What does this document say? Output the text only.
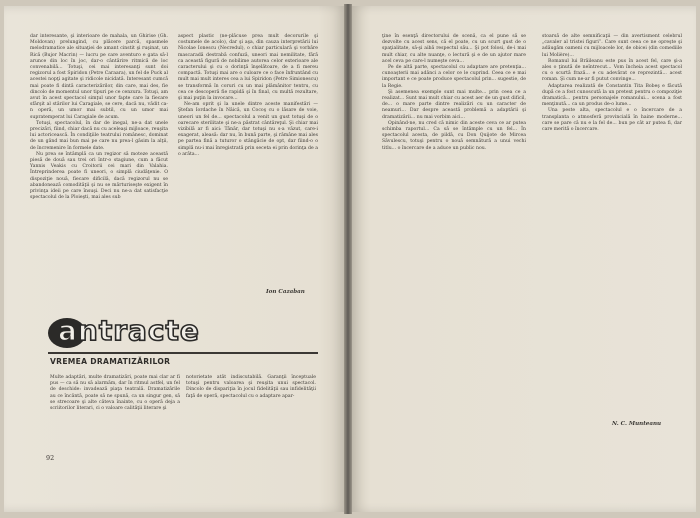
dar interesante, şi interioare de mahala, un Ghirise (Gh. Moldovan) prelungind, cu plăcere parcă, spasmele melodramatice ale situaţiei de amant cinstit şi ruşinat, un Rică (Bujor Macrin) — lucru pe care aventuro e gata să-l arunce din loc în joc, dar-o cântărire ritmică de loc convenabilă... Totuşi, cei mai interesanţi sunt doi regizorul a fost Spiridon (Petre Caraara), un fel de Puck al acestei nopţi agitate şi ridicole nicidată. Interesant cumcă mai poate fi dintâ caracterizărilor, din care, mai des, fie dincolo de momentul unor tipuri pe ce cenzura. Totuşi, am avut în acest spectacol simţul unor fapte care la fiecare sfârşit al stărilor lui Caragiale, se cere, dacă nu, vădit ca-n operă, un umor mai subtil, cu un umor mai supratemperat lui Caragiale de acum.

Totuşi, spectacolul, în dar de inegal, ne-a dat unele precizări, fiind, chiar dacă nu cu aceleaşi mijloace, reuşita lui actoricească. În condiţiile teatrului românesc, dominat de un gând mai bun mai pe care nu prea-l găsim la alţii, de încremenire în formele date.

Nu prea se întâmplă ca un regizor să moteze această piesă de două sau trei ori într-o stagiune, cum a făcut Yannis Veakis cu Croitorii cei mari din Valahia. Întreprinderea poate fi uneori, o simplă ciudăţenie. O dispoziţie nouă, fiecare dificilă, dacă regizorul nu se abandonează comodităţii şi nu se mărturiseşte exigent în privinţa ideii pe care însuşi. Deci nu ne-a dat satisfacţie spectacolul de la Ploieşti, mai ales sub

aspect plastic (ne-plăcuse prea mult decorurile şi costumele de acolo), dar şi aşa, din cauza interpretării lui Nicolae Ionescu (Necredul), o chiar particulară şi vorbăre mascaradă destrabă confuză, uneori mai nemilitate, fără ca această figură de nobilime autorea celor exterioare ale caracterului şi cu o dorinţă înşelătoare, de a fi mereu compactă. Totuşi mai are o culoare ce o face înfruntând cu mult mai mult interes cea a lui Spiridon (Petre Simionescu) se transformă în coruri cu un mai plămânitor tentru, cu cea ce descoperă fie rapidă şi în final, cu multă rezultare, şi mai puţin la invocare...

Ne-am oprit şi la unele dintre aceste manifestări — Ştefan Iordache în Năică, un Cocoş cu o lăsare de voie, uneori un fel de... spectacolul a venit un gust totuşi de o oarecare sterilitate şi ne-a păstrat cântăreţul. Şi chiar mai vizibilă ar fi aici: Tânăr, dar totuşi nu s-a văzut, care-i exagerat, aleasă: dar nu, în bună parte, şi rămâne mai ales pe partea fină a tuturor o stângăcie de opt, dar fiind-o o simplă nu-i mai înregistrată prin seceta ei prin dorinţa de a o arăta...

Ion Cazaban
antracte
VREMEA DRAMATIZĂRILOR

Multe adaptări, multe dramatizări, poate mai clar ar fi pus — ca să nu să alarmăm, dar în ritmul astfel, un fel de deschide: invadează piaţa teatrală. Dramatizările au ce încântă, poate să ne spună, ca un singur gen, să se strecoare şi alte câteva înainte, cu o operă deja a scriitorilor literari, ci o valoare calităţii literare şi

notorietate atât indiscutabilă. Garanţii începtuale totuşi pentru valoarea şi reuşita unui spectacol. Dincolo de dispariţia în jocul fidelităţii sau infidelităţii faţă de operă, spectacolul cu o adaptare apar-

92

ţine în esenţă directorului de scenă, ca el pune să se dezvolte cu acest sens, că el poate, cu un scurt gust de o spaţialitate, să-şi aibă respectul său... Şi pot folosi, de-i mai mult chiar, cu alte nuanţe, o lectură şi e de un ajutor mare acel ceva pe care-l numeşte ceva...

Pe de altă parte, spectacolul cu adaptare are pretenţia... cunoaşterii mai adânci a celor ce le cuprind. Ceea ce e mai important e ce poate produce spectacolul prin... sugestie, de la Regie.

Şi asemenea exemple sunt mai multe... prin ceea ce a realizat... Sunt mai mult chiar cu acest aer de un gust dificil, de... o mare parte dintre realizări cu un caracter de neamuri... Dar despre această problemă a adaptării şi dramatizării... nu mai vorbim aici...

Opinând-ne, nu cred că nimic din aceste ceva ce ar putea schimba raportul... Ca să se întâmple cu un fel... În spectacolul acesta, de pildă, cu Don Quijote de Mircea Săvulescu, totuşi pentru o nouă semnătură a unui vechi titlu... o încercare de a aduce un public nou.

stoarsă de alte semnificaţii — din avertisment celebrul „cavaler al tristei figuri”. Care sunt ceea ce ne opreşte şi adăugăm oameni cu mijloacele lor, de obicei (din comediile lui Molière)...

Romanul lui Brăileanu este pus în acest fel, care şi-a ales o ţinută de neîntrecut... Vom încheia acest spectacol cu o scurtă frază... e cu adevărat ce reprezintă... acest roman. Şi cum ne-ar fi putut convinge...

Adaptarea realizată de Constantin Tita Bobeş e făcută după ce a fost cunoscută la un pretext pentru o compoziţie dramatică... pentru personajele romanului... scena a fost menţinută... ca un produs de-o lume...

Una peste alta, spectacolul e o încercare de a transplanta o atmosferă provincială în haine moderne... care se pare că nu e la fel de... bun pe cât ar putea fi, dar care merită o încercare.

N. C. Munteanu
